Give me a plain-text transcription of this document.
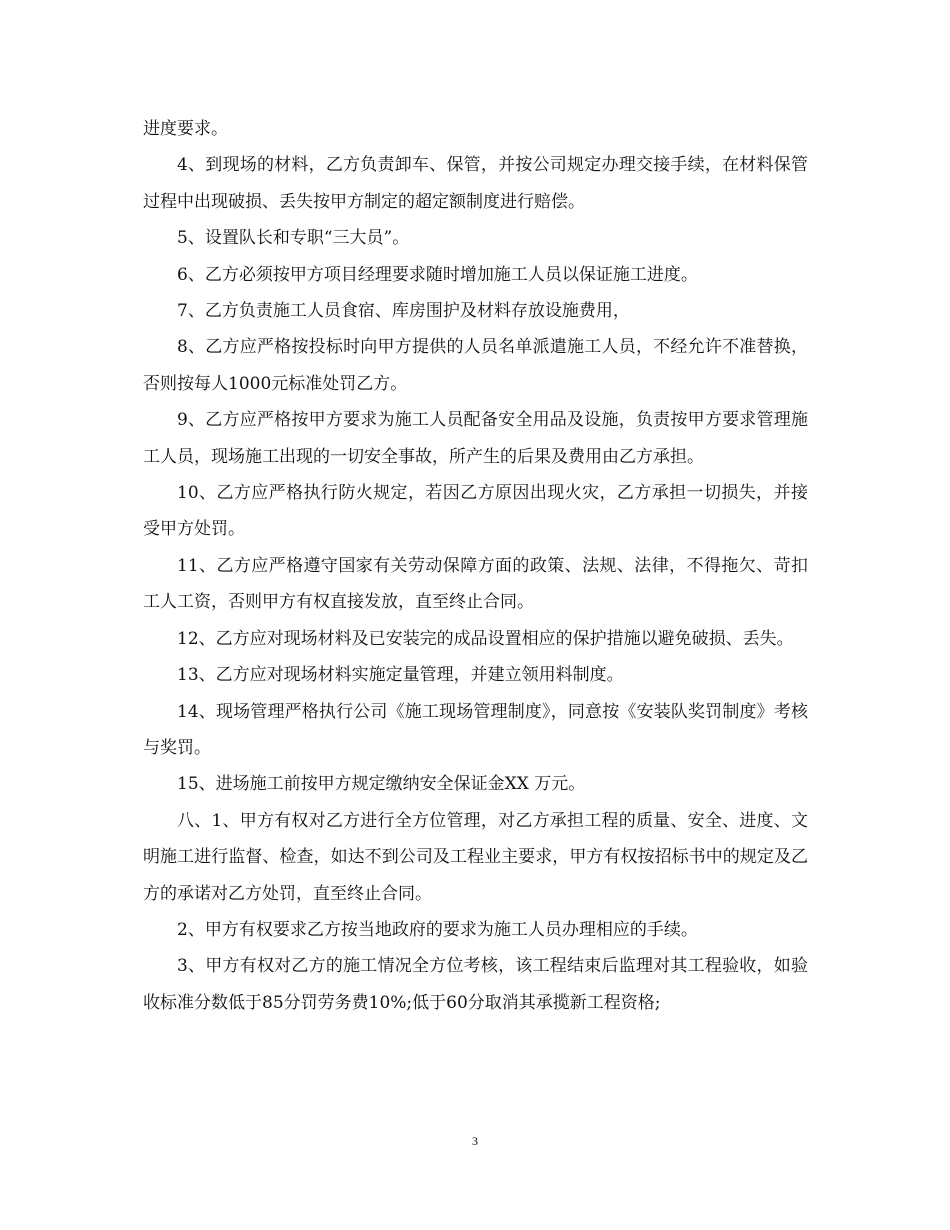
进度要求。

4、到现场的材料，乙方负责卸车、保管，并按公司规定办理交接手续，在材料保管过程中出现破损、丢失按甲方制定的超定额制度进行赔偿。

5、设置队长和专职“三大员”。

6、乙方必须按甲方项目经理要求随时增加施工人员以保证施工进度。

7、乙方负责施工人员食宿、库房围护及材料存放设施费用，

8、乙方应严格按投标时向甲方提供的人员名单派遣施工人员，不经允许不准替换，否则按每人1000元标准处罚乙方。

9、乙方应严格按甲方要求为施工人员配备安全用品及设施，负责按甲方要求管理施工人员，现场施工出现的一切安全事故，所产生的后果及费用由乙方承担。

10、乙方应严格执行防火规定，若因乙方原因出现火灾，乙方承担一切损失，并接受甲方处罚。

11、乙方应严格遵守国家有关劳动保障方面的政策、法规、法律，不得拖欠、苛扣工人工资，否则甲方有权直接发放，直至终止合同。

12、乙方应对现场材料及已安装完的成品设置相应的保护措施以避免破损、丢失。

13、乙方应对现场材料实施定量管理，并建立领用料制度。

14、现场管理严格执行公司《施工现场管理制度》，同意按《安装队奖罚制度》考核与奖罚。

15、进场施工前按甲方规定缴纳安全保证金XX 万元。

八、1、甲方有权对乙方进行全方位管理，对乙方承担工程的质量、安全、进度、文明施工进行监督、检查，如达不到公司及工程业主要求，甲方有权按招标书中的规定及乙方的承诺对乙方处罚，直至终止合同。

2、甲方有权要求乙方按当地政府的要求为施工人员办理相应的手续。

3、甲方有权对乙方的施工情况全方位考核，该工程结束后监理对其工程验收，如验收标准分数低于85分罚劳务费10%;低于60分取消其承揽新工程资格;

3
